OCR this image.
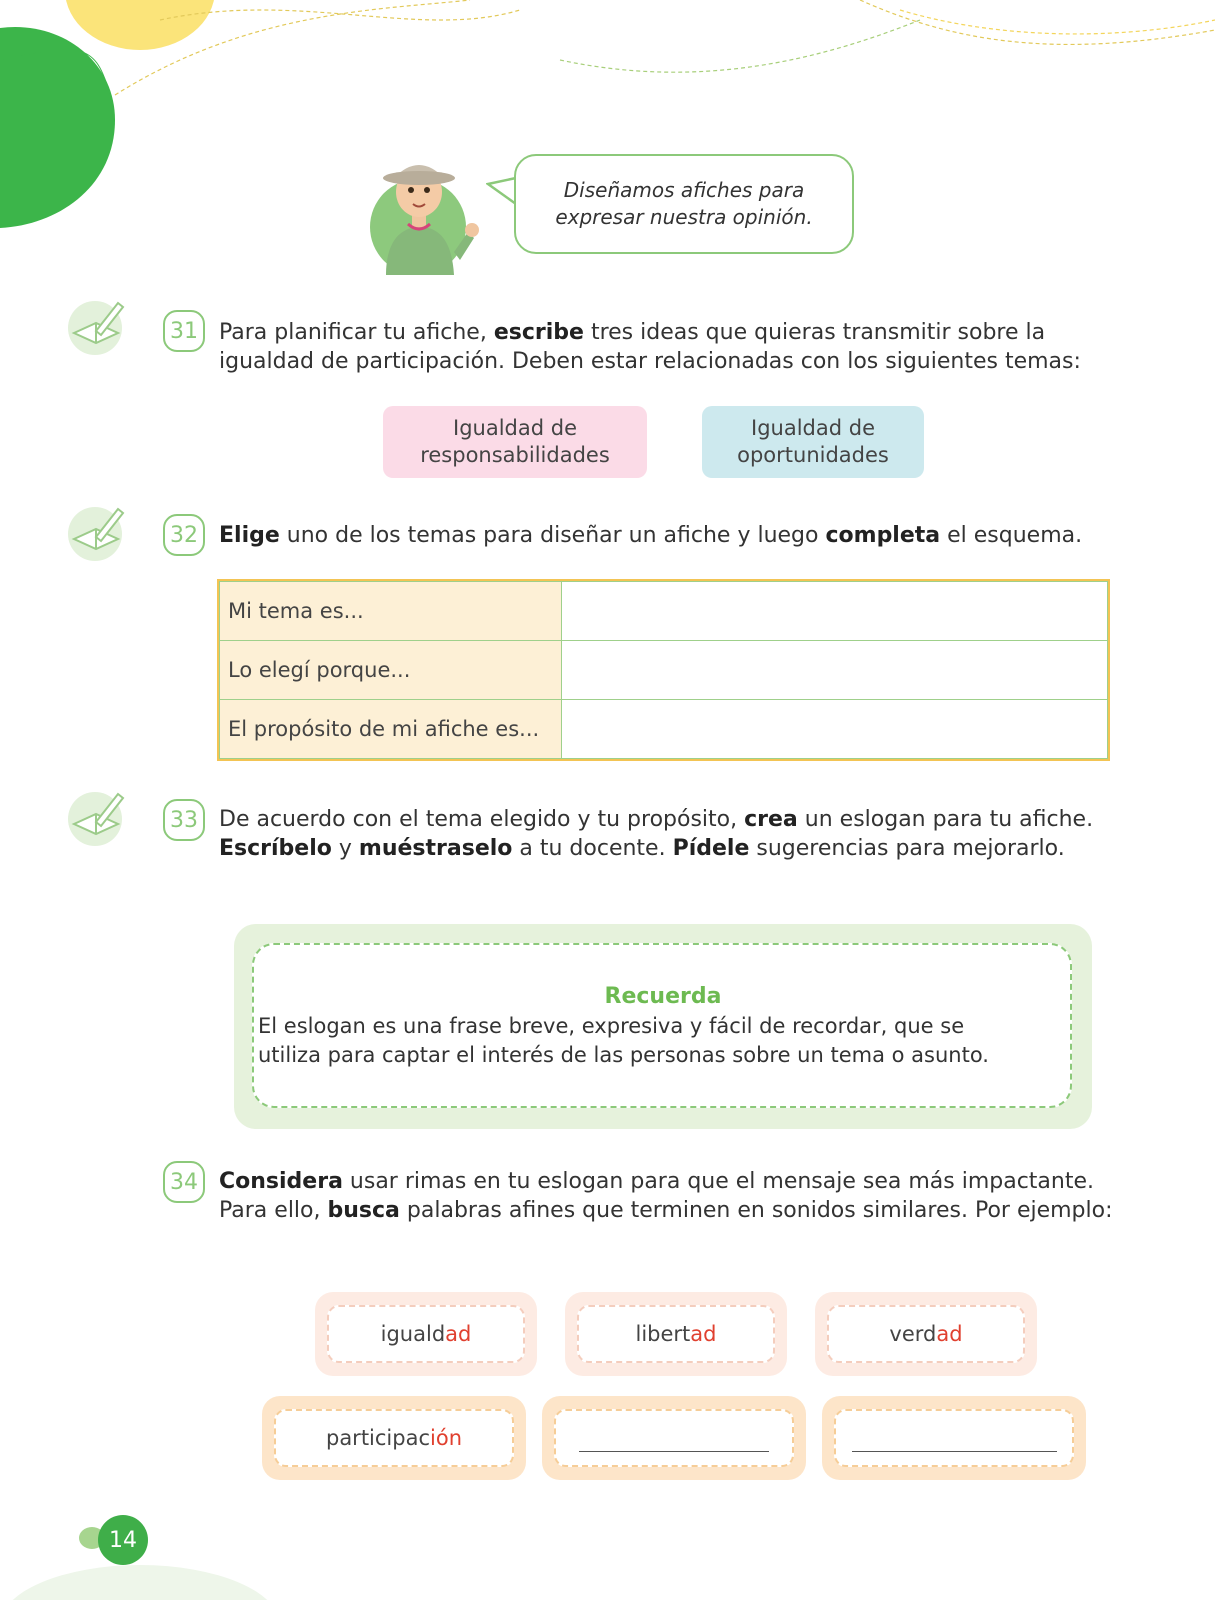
Diseñamos afiches para expresar nuestra opinión.
31 Para planificar tu afiche, escribe tres ideas que quieras transmitir sobre la igualdad de participación. Deben estar relacionadas con los siguientes temas:
Igualdad de responsabilidades
Igualdad de oportunidades
32 Elige uno de los temas para diseñar un afiche y luego completa el esquema.
Mi tema es...	
Lo elegí porque...	
El propósito de mi afiche es...	
33 De acuerdo con el tema elegido y tu propósito, crea un eslogan para tu afiche. Escríbelo y muéstraselo a tu docente. Pídele sugerencias para mejorarlo.
Recuerda
El eslogan es una frase breve, expresiva y fácil de recordar, que se utiliza para captar el interés de las personas sobre un tema o asunto.
34 Considera usar rimas en tu eslogan para que el mensaje sea más impactante. Para ello, busca palabras afines que terminen en sonidos similares. Por ejemplo:
iguald ad	libert ad	verd ad
participac ión
14
